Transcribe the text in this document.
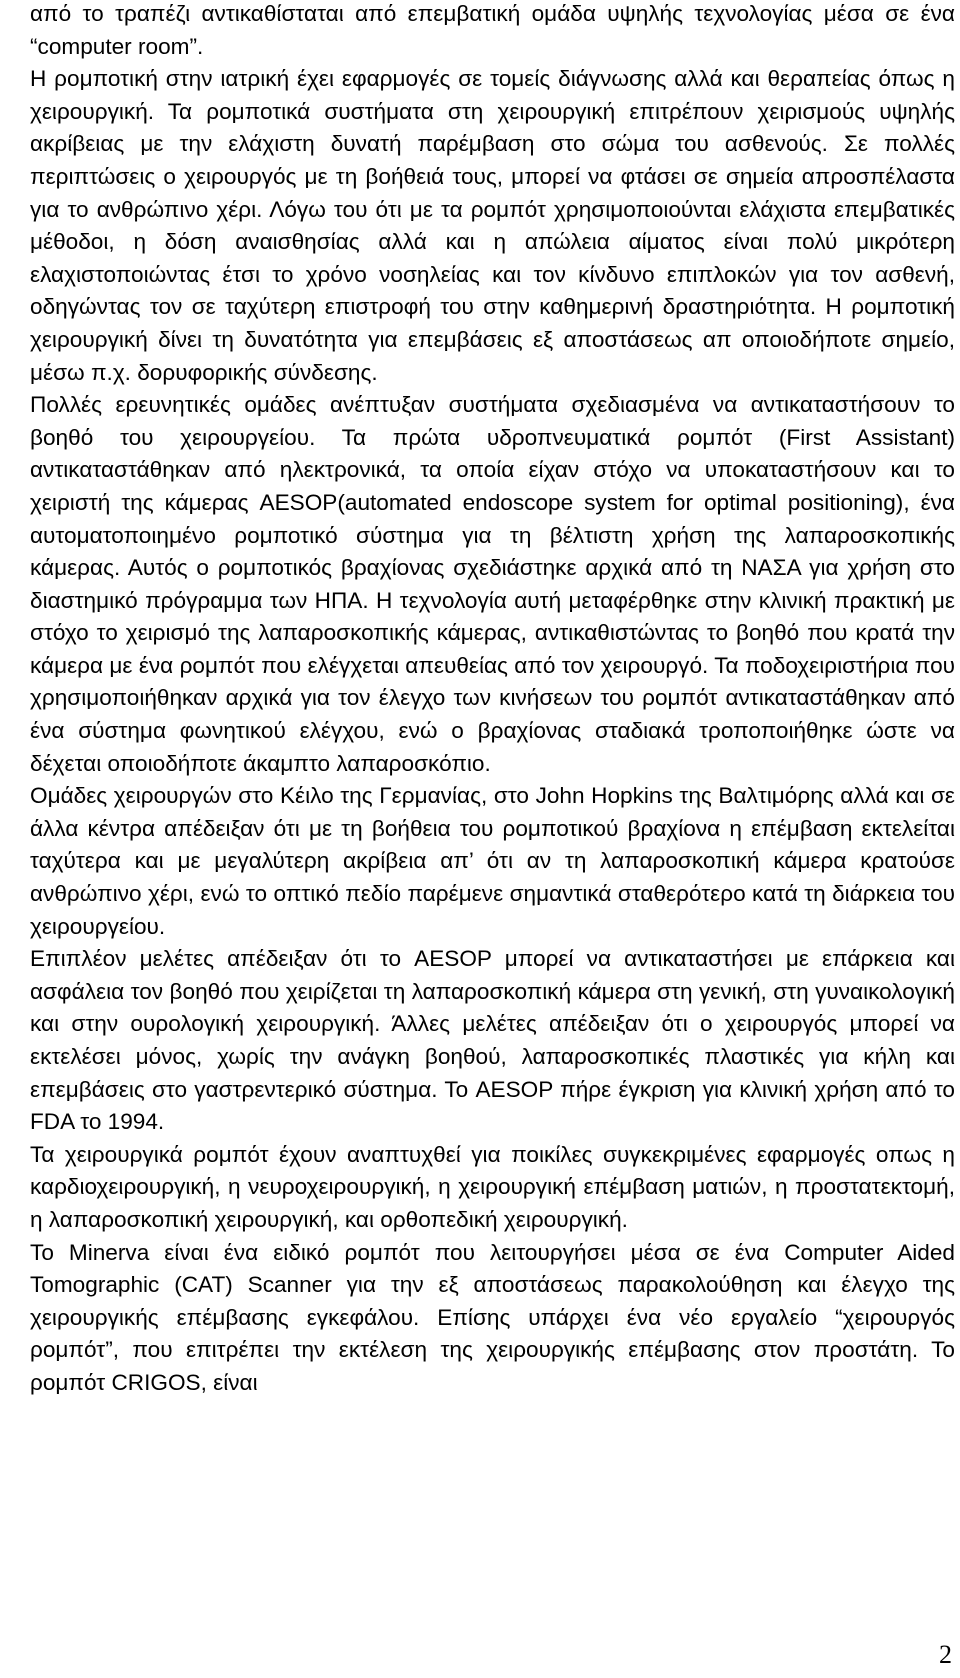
από το τραπέζι αντικαθίσταται από επεμβατική ομάδα υψηλής τεχνολογίας μέσα σε ένα “computer room”.

Η ρομποτική στην ιατρική έχει εφαρμογές σε τομείς διάγνωσης αλλά και θεραπείας όπως η χειρουργική. Τα ρομποτικά συστήματα στη χειρουργική επιτρέπουν χειρισμούς υψηλής ακρίβειας με την ελάχιστη δυνατή παρέμβαση στο σώμα του ασθενούς. Σε πολλές περιπτώσεις ο χειρουργός με τη βοήθειά τους, μπορεί να φτάσει σε σημεία απροσπέλαστα για το ανθρώπινο χέρι. Λόγω του ότι με τα ρομπότ χρησιμοποιούνται ελάχιστα επεμβατικές μέθοδοι, η δόση αναισθησίας αλλά και η απώλεια αίματος είναι πολύ μικρότερη ελαχιστοποιώντας έτσι το χρόνο νοσηλείας και τον κίνδυνο επιπλοκών για τον ασθενή, οδηγώντας τον σε ταχύτερη επιστροφή του στην καθημερινή δραστηριότητα. Η ρομποτική χειρουργική δίνει τη δυνατότητα για επεμβάσεις εξ αποστάσεως απ οποιοδήποτε σημείο, μέσω π.χ. δορυφορικής σύνδεσης.

Πολλές ερευνητικές ομάδες ανέπτυξαν συστήματα σχεδιασμένα να αντικαταστήσουν το βοηθό του χειρουργείου. Τα πρώτα υδροπνευματικά ρομπότ (First Assistant) αντικαταστάθηκαν από ηλεκτρονικά, τα οποία είχαν στόχο να υποκαταστήσουν και το χειριστή της κάμερας AESOP(automated endoscope system for optimal positioning), ένα αυτοματοποιημένο ρομποτικό σύστημα για τη βέλτιστη χρήση της λαπαροσκοπικής κάμερας. Αυτός ο ρομποτικός βραχίονας σχεδιάστηκε αρχικά από τη ΝΑΣΑ για χρήση στο διαστημικό πρόγραμμα των ΗΠΑ. Η τεχνολογία αυτή μεταφέρθηκε στην κλινική πρακτική με στόχο το χειρισμό της λαπαροσκοπικής κάμερας, αντικαθιστώντας το βοηθό που κρατά την κάμερα με ένα ρομπότ που ελέγχεται απευθείας από τον χειρουργό. Τα ποδοχειριστήρια που χρησιμοποιήθηκαν αρχικά για τον έλεγχο των κινήσεων του ρομπότ αντικαταστάθηκαν από ένα σύστημα φωνητικού ελέγχου, ενώ ο βραχίονας σταδιακά τροποποιήθηκε ώστε να δέχεται οποιοδήποτε άκαμπτο λαπαροσκόπιο.

Ομάδες χειρουργών στο Κέιλο της Γερμανίας, στο John Hopkins της Βαλτιμόρης αλλά και σε άλλα κέντρα απέδειξαν ότι με τη βοήθεια του ρομποτικού βραχίονα η επέμβαση εκτελείται ταχύτερα και με μεγαλύτερη ακρίβεια απ’ ότι αν τη λαπαροσκοπική κάμερα κρατούσε ανθρώπινο χέρι, ενώ το οπτικό πεδίο παρέμενε σημαντικά σταθερότερο κατά τη διάρκεια του χειρουργείου.

Επιπλέον μελέτες απέδειξαν ότι το AESOP μπορεί να αντικαταστήσει με επάρκεια και ασφάλεια τον βοηθό που χειρίζεται τη λαπαροσκοπική κάμερα στη γενική, στη γυναικολογική και στην ουρολογική χειρουργική. Άλλες μελέτες απέδειξαν ότι ο χειρουργός μπορεί να εκτελέσει μόνος, χωρίς την ανάγκη βοηθού, λαπαροσκοπικές πλαστικές για κήλη και επεμβάσεις στο γαστρεντερικό σύστημα. Το AESOP πήρε έγκριση για κλινική χρήση από το FDA το 1994.

Τα χειρουργικά ρομπότ έχουν αναπτυχθεί για ποικίλες συγκεκριμένες εφαρμογές οπως η καρδιοχειρουργική, η νευροχειρουργική, η χειρουργική επέμβαση ματιών, η προστατεκτομή, η λαπαροσκοπική χειρουργική, και ορθοπεδική χειρουργική.

Το Minerva είναι ένα ειδικό ρομπότ που λειτουργήσει μέσα σε ένα Computer Aided Tomographic (CAT) Scanner για την εξ αποστάσεως παρακολούθηση και έλεγχο της χειρουργικής επέμβασης εγκεφάλου. Επίσης υπάρχει ένα νέο εργαλείο “χειρουργός ρομπότ”, που επιτρέπει την εκτέλεση της χειρουργικής επέμβασης στον προστάτη. Το ρομπότ CRIGOS, είναι

2
